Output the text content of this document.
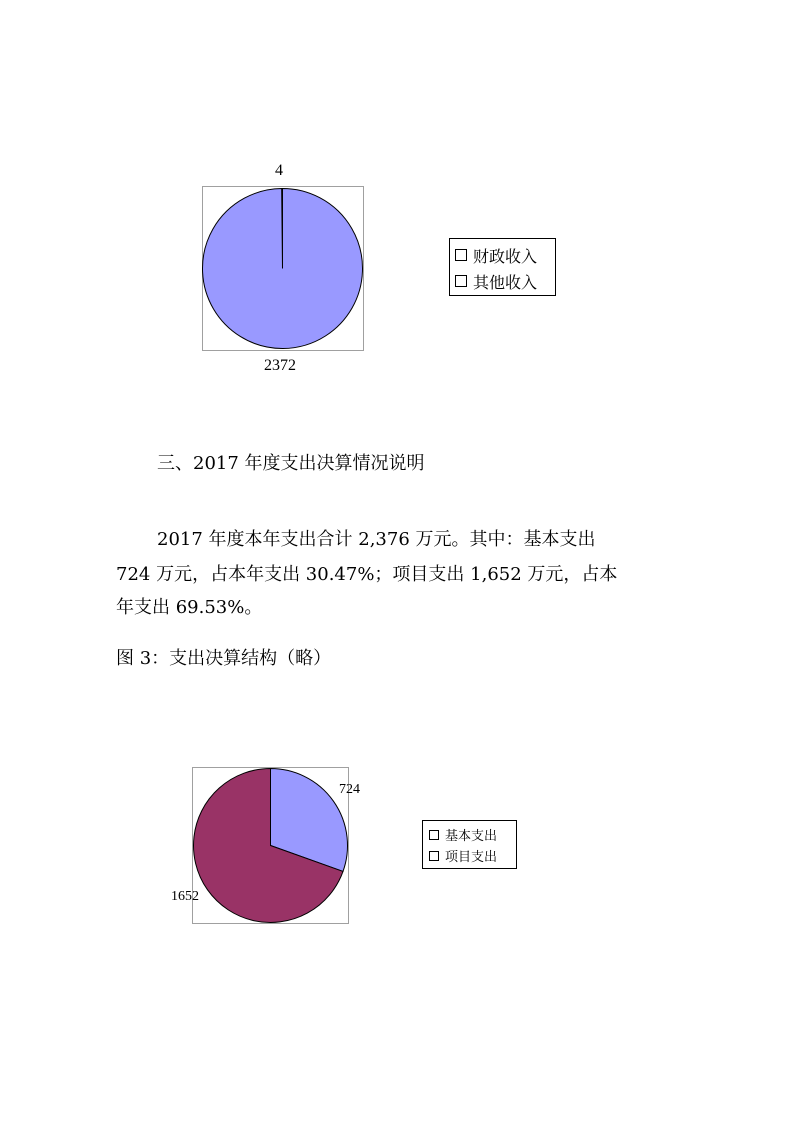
4
2372
财政收入
其他收入
三、2017 年度支出决算情况说明
2017 年度本年支出合计 2,376 万元。其中：基本支出
724 万元，占本年支出 30.47%；项目支出 1,652 万元，占本
年支出 69.53%。
图 3：支出决算结构（略）
724
1652
基本支出
项目支出
